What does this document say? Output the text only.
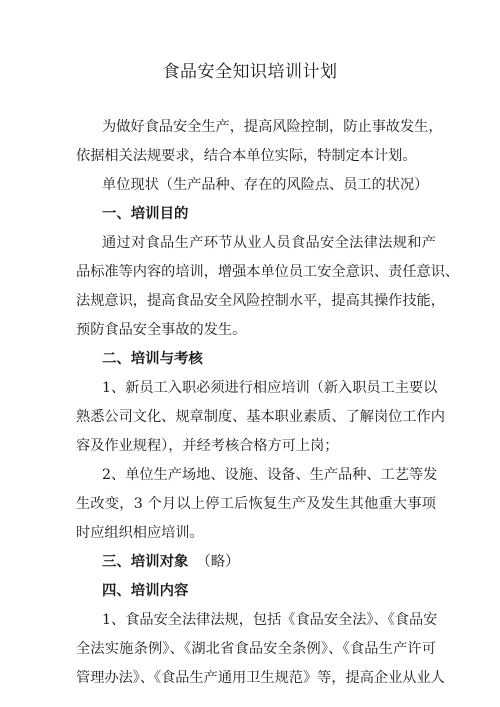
食品安全知识培训计划
为做好食品安全生产，提高风险控制，防止事故发生，
依据相关法规要求，结合本单位实际，特制定本计划。
单位现状（生产品种、存在的风险点、员工的状况）
一、培训目的
通过对食品生产环节从业人员食品安全法律法规和产
品标准等内容的培训，增强本单位员工安全意识、责任意识、
法规意识，提高食品安全风险控制水平，提高其操作技能，
预防食品安全事故的发生。
二、培训与考核
1、新员工入职必须进行相应培训（新入职员工主要以
熟悉公司文化、规章制度、基本职业素质、了解岗位工作内
容及作业规程），并经考核合格方可上岗；
2、单位生产场地、设施、设备、生产品种、工艺等发
生改变，3 个月以上停工后恢复生产及发生其他重大事项
时应组织相应培训。
三、培训对象 （略）
四、培训内容
1、食品安全法律法规，包括《食品安全法》、《食品安
全法实施条例》、《湖北省食品安全条例》、《食品生产许可
管理办法》、《食品生产通用卫生规范》等，提高企业从业人
